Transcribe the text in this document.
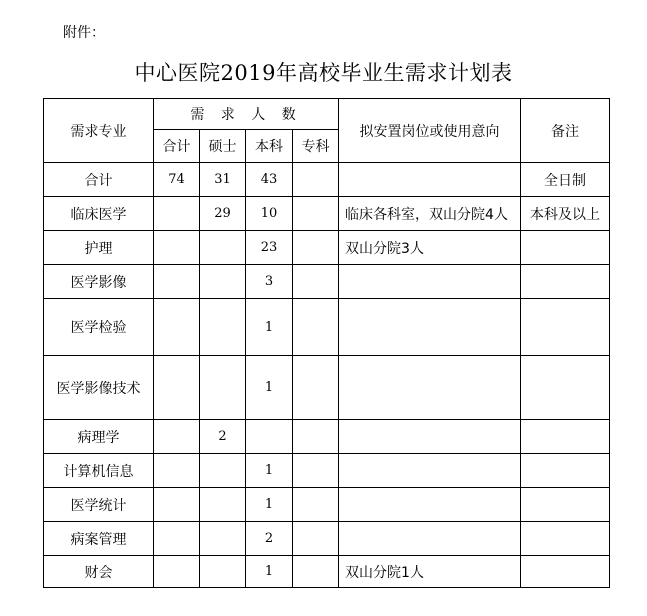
附件：
中心医院2019年高校毕业生需求计划表
需求专业	需 求 人 数				拟安置岗位或使用意向	备注
	合计	硕士	本科	专科		
合计	74	31	43			全日制
临床医学		29	10		临床各科室，双山分院4人	本科及以上
护理			23		双山分院3人	
医学影像			3			
医学检验			1			
医学影像技术			1			
病理学		2				
计算机信息			1			
医学统计			1			
病案管理			2			
财会			1		双山分院1人	
